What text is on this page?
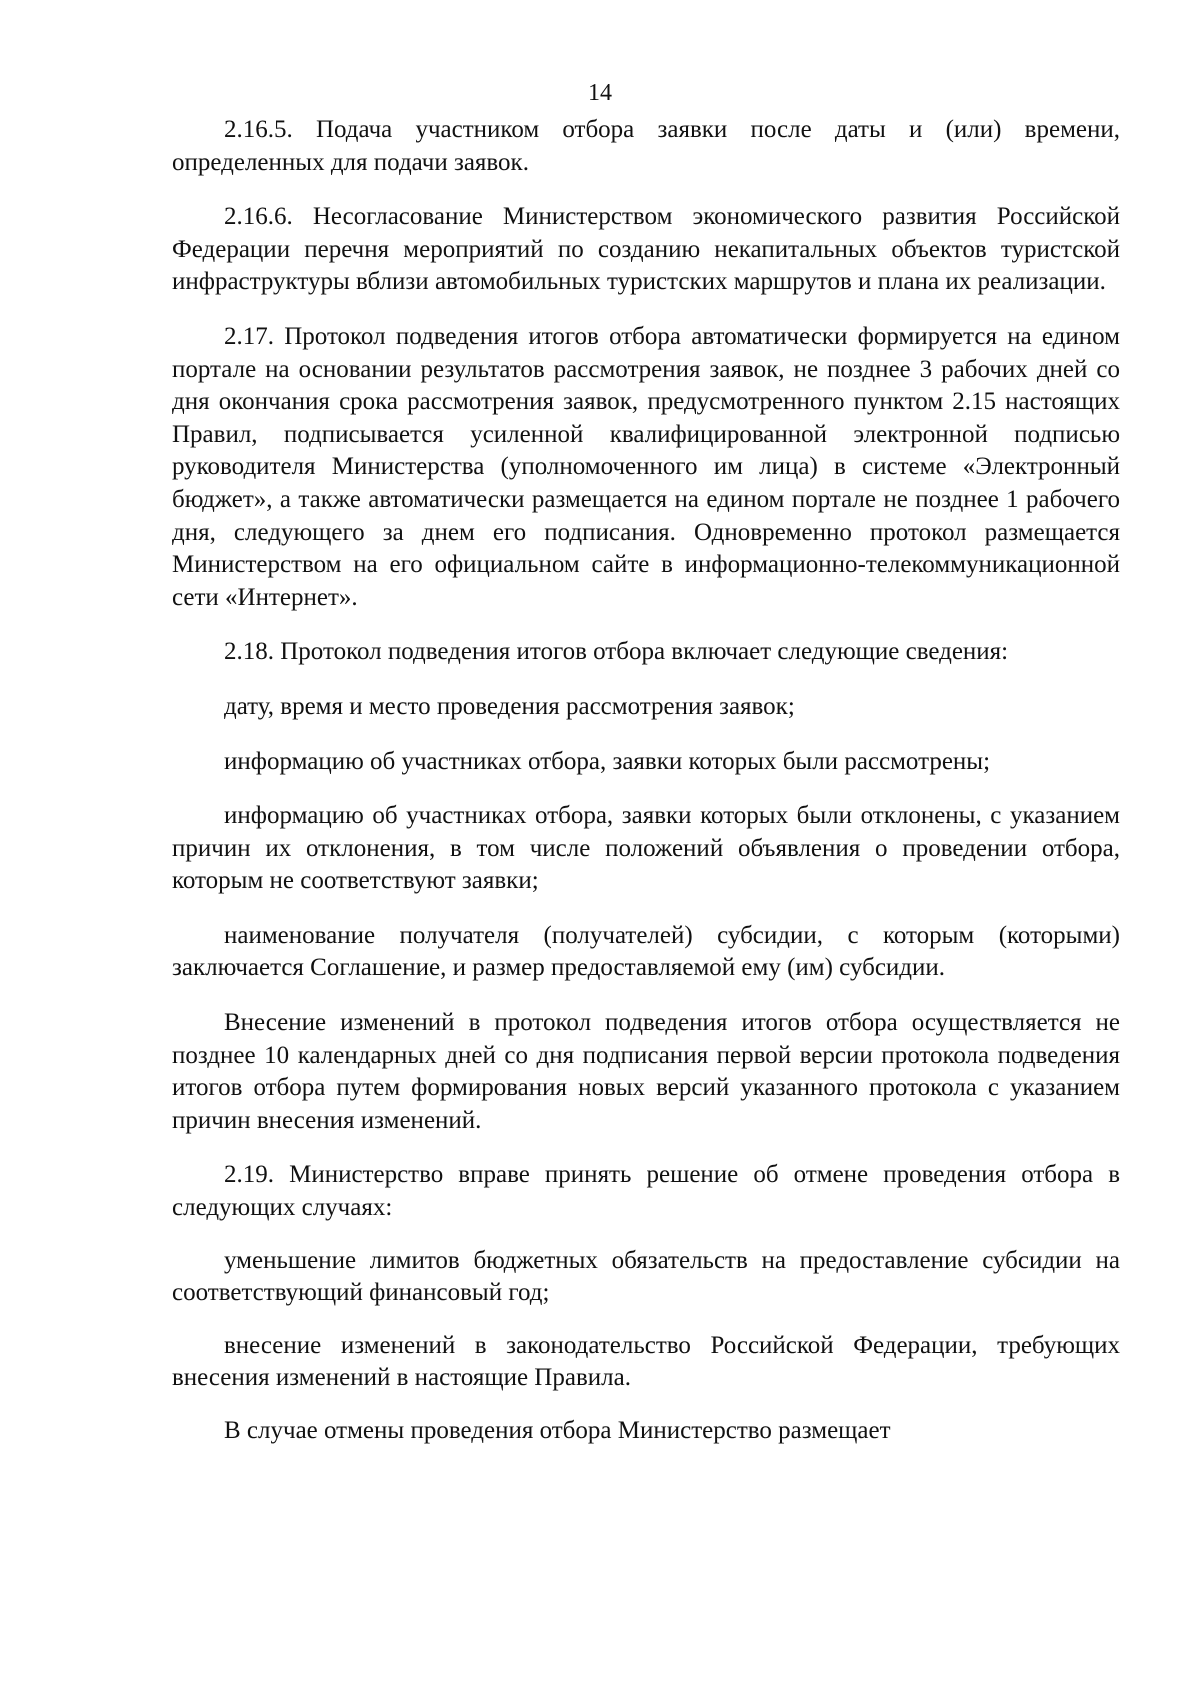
14

2.16.5. Подача участником отбора заявки после даты и (или) времени, определенных для подачи заявок.

2.16.6. Несогласование Министерством экономического развития Российской Федерации перечня мероприятий по созданию некапитальных объектов туристской инфраструктуры вблизи автомобильных туристских маршрутов и плана их реализации.

2.17. Протокол подведения итогов отбора автоматически формируется на едином портале на основании результатов рассмотрения заявок, не позднее 3 рабочих дней со дня окончания срока рассмотрения заявок, предусмотренного пунктом 2.15 настоящих Правил, подписывается усиленной квалифицированной электронной подписью руководителя Министерства (уполномоченного им лица) в системе «Электронный бюджет», а также автоматически размещается на едином портале не позднее 1 рабочего дня, следующего за днем его подписания. Одновременно протокол размещается Министерством на его официальном сайте в информационно-телекоммуникационной сети «Интернет».

2.18. Протокол подведения итогов отбора включает следующие сведения:

дату, время и место проведения рассмотрения заявок;

информацию об участниках отбора, заявки которых были рассмотрены;

информацию об участниках отбора, заявки которых были отклонены, с указанием причин их отклонения, в том числе положений объявления о проведении отбора, которым не соответствуют заявки;

наименование получателя (получателей) субсидии, с которым (которыми) заключается Соглашение, и размер предоставляемой ему (им) субсидии.

Внесение изменений в протокол подведения итогов отбора осуществляется не позднее 10 календарных дней со дня подписания первой версии протокола подведения итогов отбора путем формирования новых версий указанного протокола с указанием причин внесения изменений.

2.19. Министерство вправе принять решение об отмене проведения отбора в следующих случаях:

уменьшение лимитов бюджетных обязательств на предоставление субсидии на соответствующий финансовый год;

внесение изменений в законодательство Российской Федерации, требующих внесения изменений в настоящие Правила.

В случае отмены проведения отбора Министерство размещает
